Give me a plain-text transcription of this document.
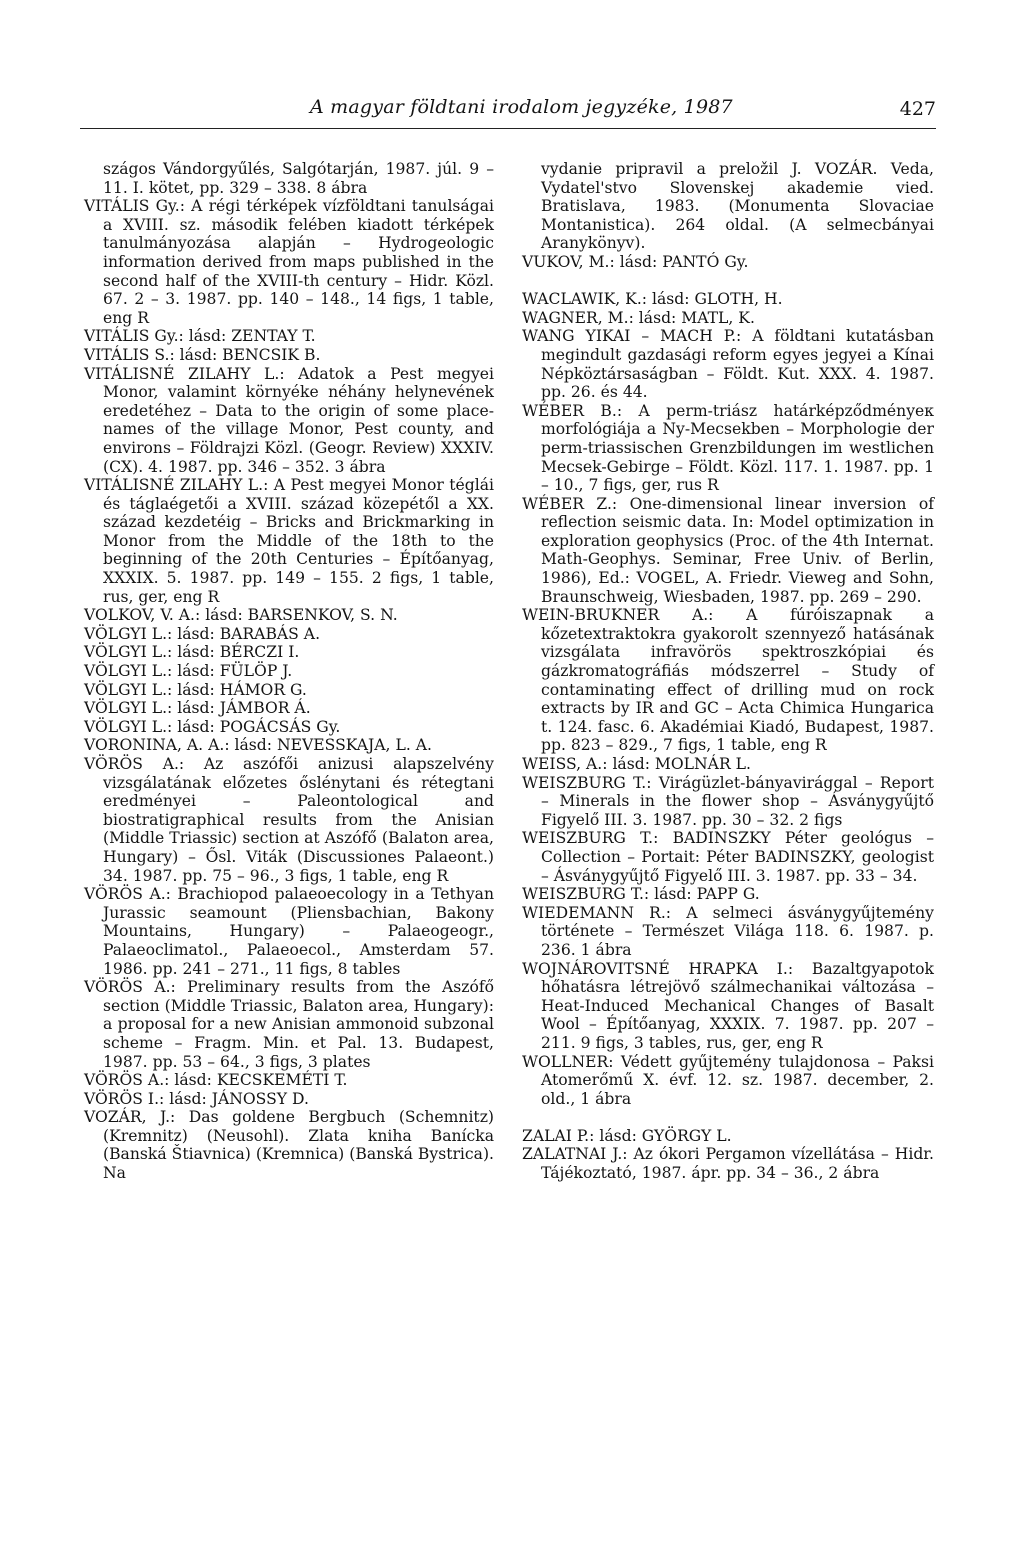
A magyar földtani irodalom jegyzéke, 1987	427

szágos Vándorgyűlés, Salgótarján, 1987. júl. 9 – 11. I. kötet, pp. 329 – 338. 8 ábra

VITÁLIS Gy.: A régi térképek vízföldtani tanulságai a XVIII. sz. második felében kiadott térképek tanulmányozása alapján – Hydrogeologic information derived from maps published in the second half of the XVIII-th century – Hidr. Közl. 67. 2 – 3. 1987. pp. 140 – 148., 14 figs, 1 table, eng R

VITÁLIS Gy.: lásd: ZENTAY T.

VITÁLIS S.: lásd: BENCSIK B.

VITÁLISNÉ ZILAHY L.: Adatok a Pest megyei Monor, valamint környéke néhány helynevének eredetéhez – Data to the origin of some place-names of the village Monor, Pest county, and environs – Földrajzi Közl. (Geogr. Review) XXXIV. (CX). 4. 1987. pp. 346 – 352. 3 ábra

VITÁLISNÉ ZILAHY L.: A Pest megyei Monor téglái és táglaégetői a XVIII. század közepétől a XX. század kezdetéig – Bricks and Brickmarking in Monor from the Middle of the 18th to the beginning of the 20th Centuries – Építőanyag, XXXIX. 5. 1987. pp. 149 – 155. 2 figs, 1 table, rus, ger, eng R

VOLKOV, V. A.: lásd: BARSENKOV, S. N.

VÖLGYI L.: lásd: BARABÁS A.

VÖLGYI L.: lásd: BÉRCZI I.

VÖLGYI L.: lásd: FÜLÖP J.

VÖLGYI L.: lásd: HÁMOR G.

VÖLGYI L.: lásd: JÁMBOR Á.

VÖLGYI L.: lásd: POGÁCSÁS Gy.

VORONINA, A. A.: lásd: NEVESSKAJA, L. A.

VÖRÖS A.: Az aszófői anizusi alapszelvény vizsgálatának előzetes őslénytani és rétegtani eredményei – Paleontological and biostratigraphical results from the Anisian (Middle Triassic) section at Aszófő (Balaton area, Hungary) – Ősl. Viták (Discussiones Palaeont.) 34. 1987. pp. 75 – 96., 3 figs, 1 table, eng R

VÖRÖS A.: Brachiopod palaeoecology in a Tethyan Jurassic seamount (Pliensbachian, Bakony Mountains, Hungary) – Palaeogeogr., Palaeoclimatol., Palaeoecol., Amsterdam 57. 1986. pp. 241 – 271., 11 figs, 8 tables

VÖRÖS A.: Preliminary results from the Aszófő section (Middle Triassic, Balaton area, Hungary): a proposal for a new Anisian ammonoid subzonal scheme – Fragm. Min. et Pal. 13. Budapest, 1987. pp. 53 – 64., 3 figs, 3 plates

VÖRÖS A.: lásd: KECSKEMÉTI T.

VÖRÖS I.: lásd: JÁNOSSY D.

VOZÁR, J.: Das goldene Bergbuch (Schemnitz) (Kremnitz) (Neusohl). Zlata kniha Banícka (Banská Štiavnica) (Kremnica) (Banská Bystrica). Na

vydanie pripravil a preložil J. VOZÁR. Veda, Vydatel'stvo Slovenskej akademie vied. Bratislava, 1983. (Monumenta Slovaciae Montanistica). 264 oldal. (A selmecbányai Aranykönyv).

VUKOV, M.: lásd: PANTÓ Gy.

WACLAWIK, K.: lásd: GLOTH, H.

WAGNER, M.: lásd: MATL, K.

WANG YIKAI – MACH P.: A földtani kutatásban megindult gazdasági reform egyes jegyei a Kínai Népköztársaságban – Földt. Kut. XXX. 4. 1987. pp. 26. és 44.

WÉBER B.: A perm-triász határképződményeк morfológiája a Ny-Mecsekben – Morphologie der perm-triassischen Grenzbildungen im westlichen Mecsek-Gebirge – Földt. Közl. 117. 1. 1987. pp. 1 – 10., 7 figs, ger, rus R

WÉBER Z.: One-dimensional linear inversion of reflection seismic data. In: Model optimization in exploration geophysics (Proc. of the 4th Internat. Math-Geophys. Seminar, Free Univ. of Berlin, 1986), Ed.: VOGEL, A. Friedr. Vieweg and Sohn, Braunschweig, Wiesbaden, 1987. pp. 269 – 290.

WEIN-BRUKNER A.: A fúróiszapnak a kőzetextraktokra gyakorolt szennyező hatásának vizsgálata infravörös spektroszkópiai és gázkromatográfiás módszerrel – Study of contaminating effect of drilling mud on rock extracts by IR and GC – Acta Chimica Hungarica t. 124. fasc. 6. Akadémiai Kiadó, Budapest, 1987. pp. 823 – 829., 7 figs, 1 table, eng R

WEISS, A.: lásd: MOLNÁR L.

WEISZBURG T.: Virágüzlet-bányavirággal – Report – Minerals in the flower shop – Ásványgyűjtő Figyelő III. 3. 1987. pp. 30 – 32. 2 figs

WEISZBURG T.: BADINSZKY Péter geológus – Collection – Portait: Péter BADINSZKY, geologist – Ásványgyűjtő Figyelő III. 3. 1987. pp. 33 – 34.

WEISZBURG T.: lásd: PAPP G.

WIEDEMANN R.: A selmeci ásványgyűjtemény története – Természet Világa 118. 6. 1987. p. 236. 1 ábra

WOJNÁROVITSNÉ HRAPKA I.: Bazaltgyapotok hőhatásra létrejövő szálmechanikai változása – Heat-Induced Mechanical Changes of Basalt Wool – Építőanyag, XXXIX. 7. 1987. pp. 207 – 211. 9 figs, 3 tables, rus, ger, eng R

WOLLNER: Védett gyűjtemény tulajdonosa – Paksi Atomerőmű X. évf. 12. sz. 1987. december, 2. old., 1 ábra

ZALAI P.: lásd: GYÖRGY L.

ZALATNAI J.: Az ókori Pergamon vízellátása – Hidr. Tájékoztató, 1987. ápr. pp. 34 – 36., 2 ábra
